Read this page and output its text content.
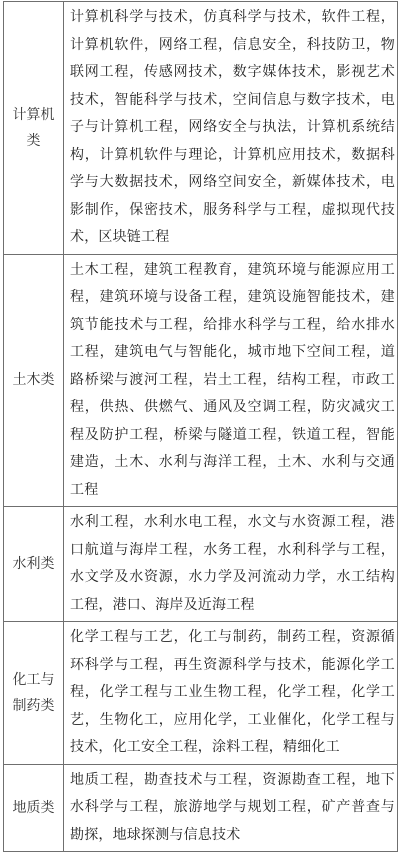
计算机类	计算机科学与技术，仿真科学与技术，软件工程，计算机软件，网络工程，信息安全，科技防卫，物联网工程，传感网技术，数字媒体技术，影视艺术技术，智能科学与技术，空间信息与数字技术，电子与计算机工程，网络安全与执法，计算机系统结构，计算机软件与理论，计算机应用技术，数据科学与大数据技术，网络空间安全，新媒体技术，电影制作，保密技术，服务科学与工程，虚拟现代技术，区块链工程
土木类	土木工程，建筑工程教育，建筑环境与能源应用工程，建筑环境与设备工程，建筑设施智能技术，建筑节能技术与工程，给排水科学与工程，给水排水工程，建筑电气与智能化，城市地下空间工程，道路桥梁与渡河工程，岩土工程，结构工程，市政工程，供热、供燃气、通风及空调工程，防灾减灾工程及防护工程，桥梁与隧道工程，铁道工程，智能建造，土木、水利与海洋工程，土木、水利与交通工程
水利类	水利工程，水利水电工程，水文与水资源工程，港口航道与海岸工程，水务工程，水利科学与工程，水文学及水资源，水力学及河流动力学，水工结构工程，港口、海岸及近海工程
化工与制药类	化学工程与工艺，化工与制药，制药工程，资源循环科学与工程，再生资源科学与技术，能源化学工程，化学工程与工业生物工程，化学工程，化学工艺，生物化工，应用化学，工业催化，化学工程与技术，化工安全工程，涂料工程，精细化工
地质类	地质工程，勘查技术与工程，资源勘查工程，地下水科学与工程，旅游地学与规划工程，矿产普查与勘探，地球探测与信息技术
